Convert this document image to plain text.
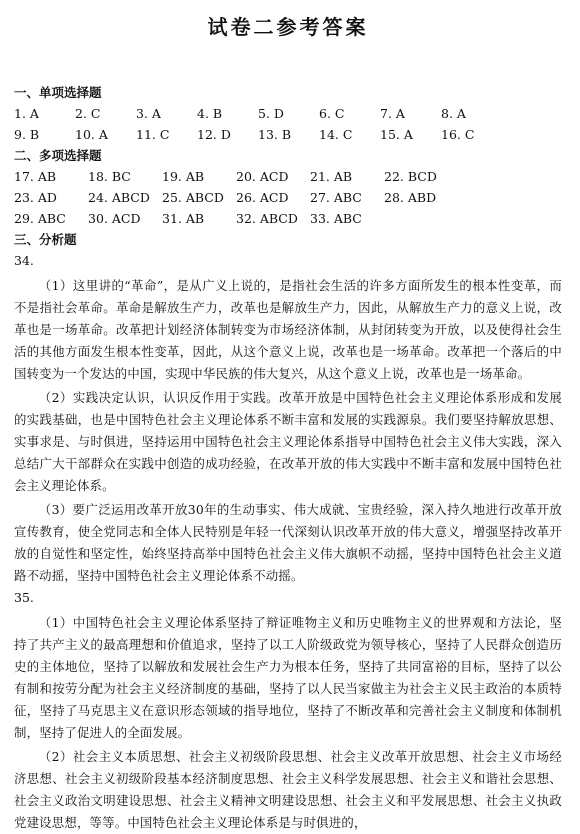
试卷二参考答案
一、单项选择题
1. A	2. C	3. A	4. B	5. D	6. C	7. A	8. A
9. B	10. A	11. C	12. D	13. B	14. C	15. A	16. C
二、多项选择题
17. AB	18. BC	19. AB	20. ACD	21. AB	22. BCD
23. AD	24. ABCD 25. ABCD 26. ACD	27. ABC	28. ABD
29. ABC	30. ACD	31. AB	32. ABCD 33. ABC
三、分析题
34.

（1）这里讲的“革命”，是从广义上说的，是指社会生活的许多方面所发生的根本性变革，而不是指社会革命。革命是解放生产力，改革也是解放生产力，因此，从解放生产力的意义上说，改革也是一场革命。改革把计划经济体制转变为市场经济体制，从封闭转变为开放，以及使得社会生活的其他方面发生根本性变革，因此，从这个意义上说，改革也是一场革命。改革把一个落后的中国转变为一个发达的中国，实现中华民族的伟大复兴，从这个意义上说，改革也是一场革命。

（2）实践决定认识，认识反作用于实践。改革开放是中国特色社会主义理论体系形成和发展的实践基础，也是中国特色社会主义理论体系不断丰富和发展的实践源泉。我们要坚持解放思想、实事求是、与时俱进，坚持运用中国特色社会主义理论体系指导中国特色社会主义伟大实践，深入总结广大干部群众在实践中创造的成功经验，在改革开放的伟大实践中不断丰富和发展中国特色社会主义理论体系。

（3）要广泛运用改革开放30年的生动事实、伟大成就、宝贵经验，深入持久地进行改革开放宣传教育，使全党同志和全体人民特别是年轻一代深刻认识改革开放的伟大意义，增强坚持改革开放的自觉性和坚定性，始终坚持高举中国特色社会主义伟大旗帜不动摇，坚持中国特色社会主义道路不动摇，坚持中国特色社会主义理论体系不动摇。

35.

（1）中国特色社会主义理论体系坚持了辩证唯物主义和历史唯物主义的世界观和方法论，坚持了共产主义的最高理想和价值追求，坚持了以工人阶级政党为领导核心，坚持了人民群众创造历史的主体地位，坚持了以解放和发展社会生产力为根本任务，坚持了共同富裕的目标，坚持了以公有制和按劳分配为社会主义经济制度的基础，坚持了以人民当家做主为社会主义民主政治的本质特征，坚持了马克思主义在意识形态领域的指导地位，坚持了不断改革和完善社会主义制度和体制机制，坚持了促进人的全面发展。

（2）社会主义本质思想、社会主义初级阶段思想、社会主义改革开放思想、社会主义市场经济思想、社会主义初级阶段基本经济制度思想、社会主义科学发展思想、社会主义和谐社会思想、社会主义政治文明建设思想、社会主义精神文明建设思想、社会主义和平发展思想、社会主义执政党建设思想，等等。中国特色社会主义理论体系是与时俱进的，
